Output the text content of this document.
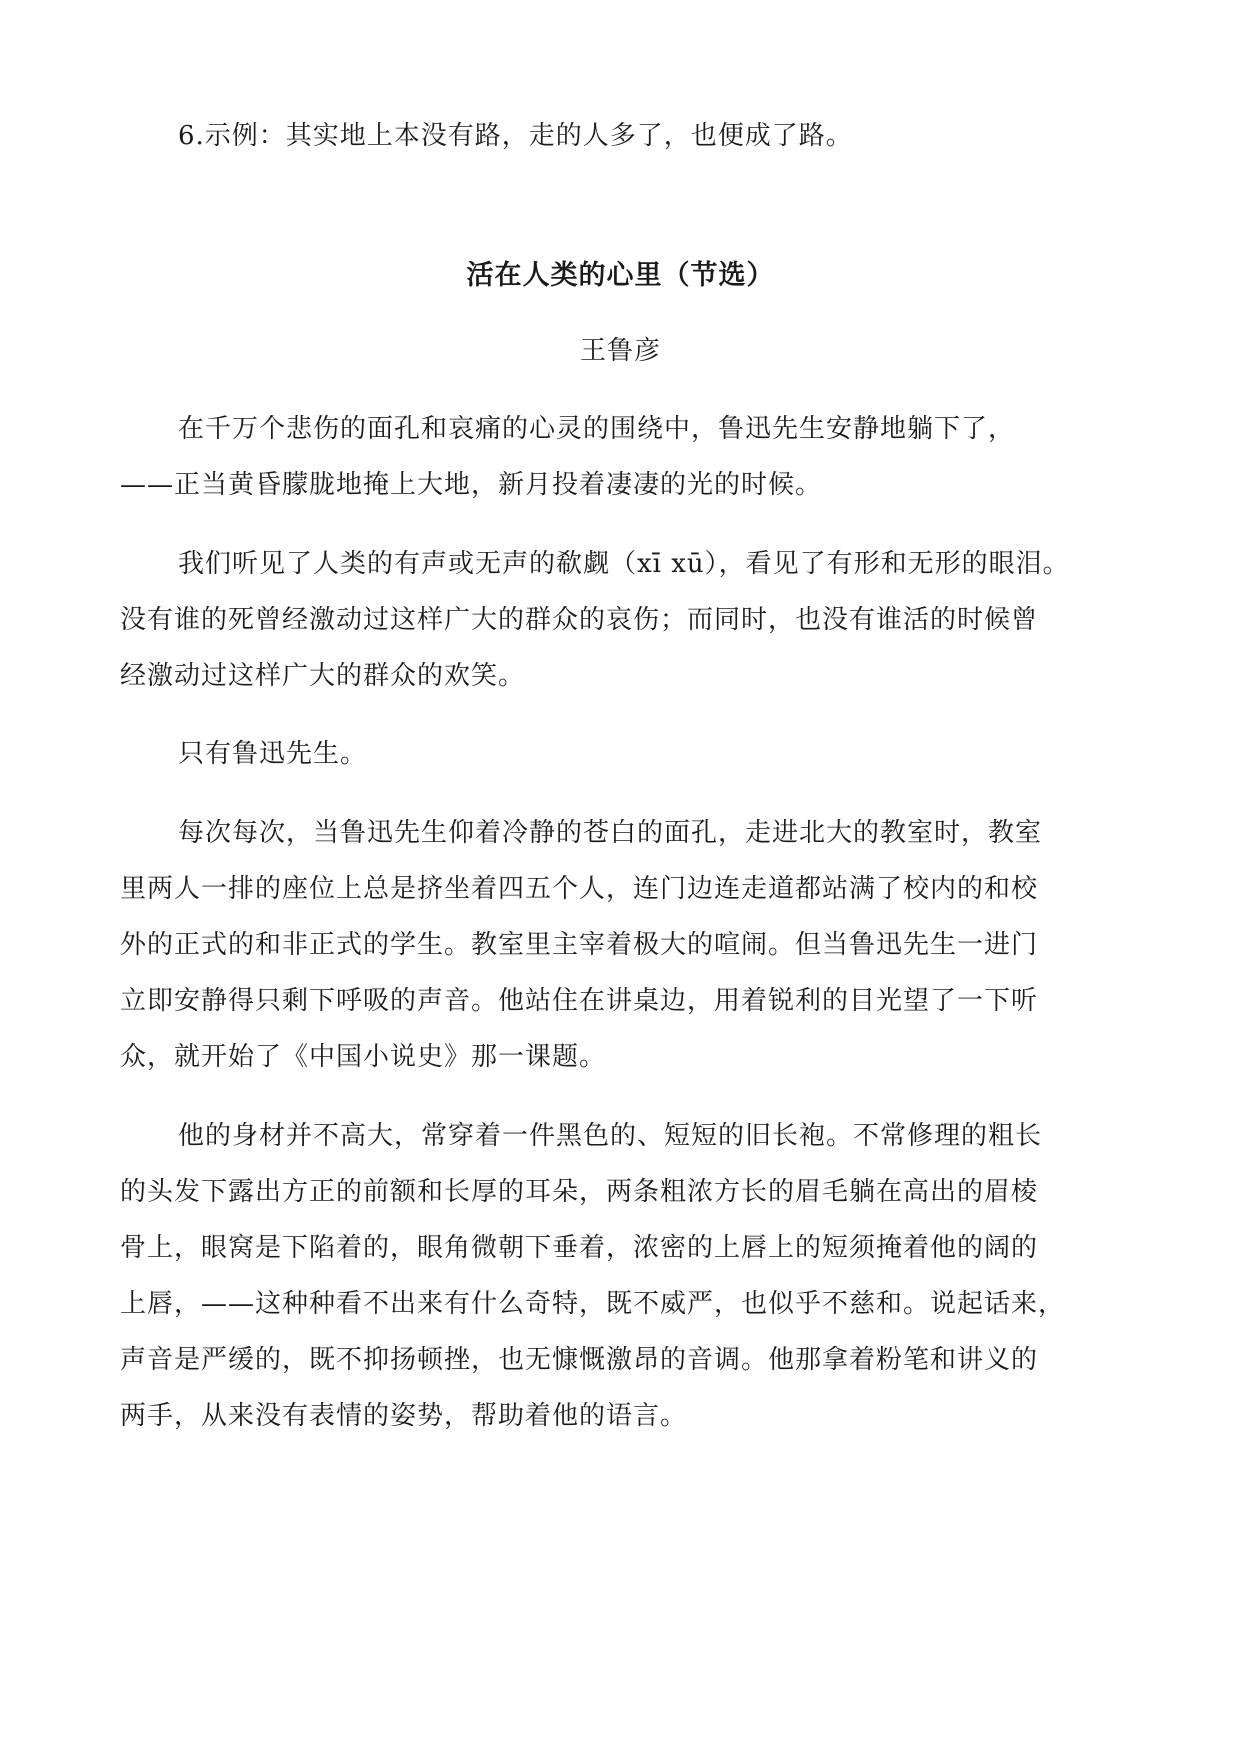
6.示例：其实地上本没有路，走的人多了，也便成了路。
活在人类的心里（节选）
王鲁彦
在千万个悲伤的面孔和哀痛的心灵的围绕中，鲁迅先生安静地躺下了，
——正当黄昏朦胧地掩上大地，新月投着凄凄的光的时候。
我们听见了人类的有声或无声的欷觑（xī xū），看见了有形和无形的眼泪。
没有谁的死曾经激动过这样广大的群众的哀伤；而同时，也没有谁活的时候曾
经激动过这样广大的群众的欢笑。
只有鲁迅先生。
每次每次，当鲁迅先生仰着冷静的苍白的面孔，走进北大的教室时，教室
里两人一排的座位上总是挤坐着四五个人，连门边连走道都站满了校内的和校
外的正式的和非正式的学生。教室里主宰着极大的喧闹。但当鲁迅先生一进门
立即安静得只剩下呼吸的声音。他站住在讲桌边，用着锐利的目光望了一下听
众，就开始了《中国小说史》那一课题。
他的身材并不高大，常穿着一件黑色的、短短的旧长袍。不常修理的粗长
的头发下露出方正的前额和长厚的耳朵，两条粗浓方长的眉毛躺在高出的眉棱
骨上，眼窝是下陷着的，眼角微朝下垂着，浓密的上唇上的短须掩着他的阔的
上唇，——这种种看不出来有什么奇特，既不威严，也似乎不慈和。说起话来，
声音是严缓的，既不抑扬顿挫，也无慷慨激昂的音调。他那拿着粉笔和讲义的
两手，从来没有表情的姿势，帮助着他的语言。
